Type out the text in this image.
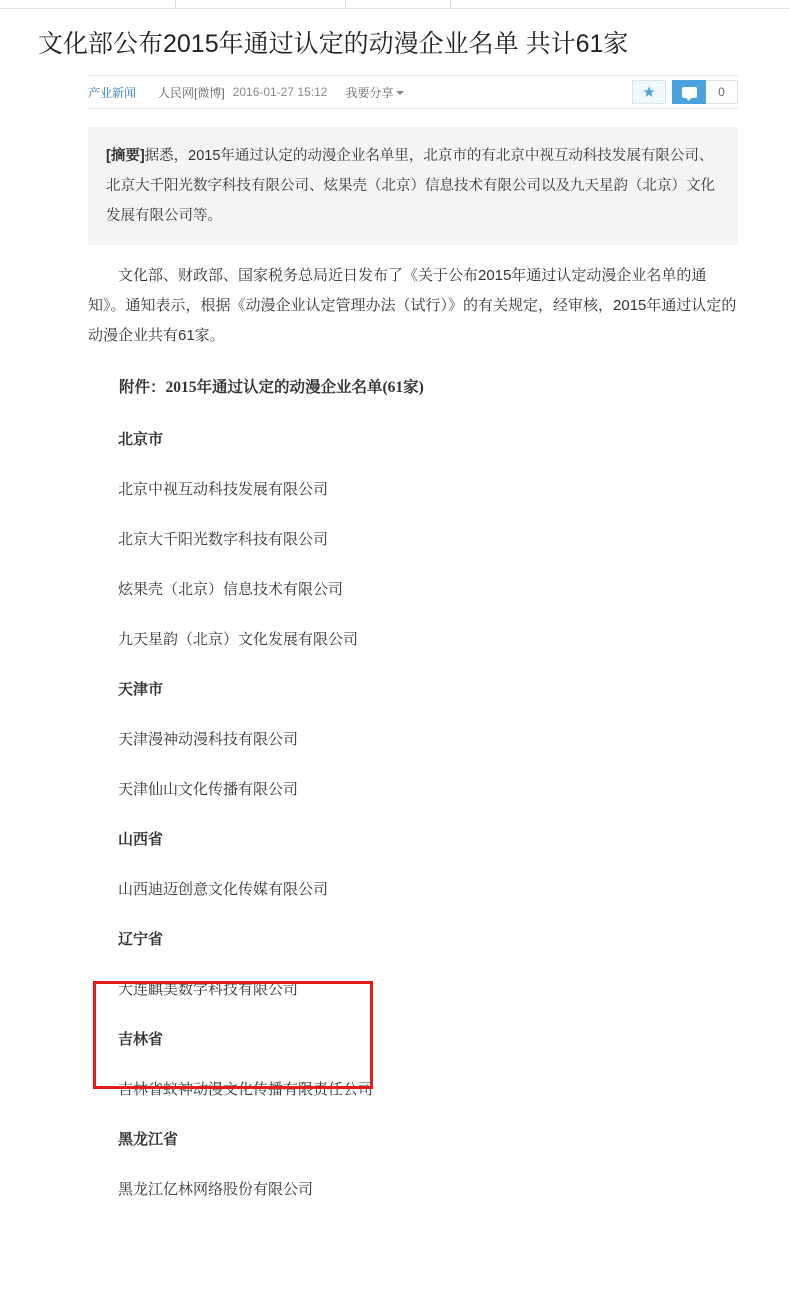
文化部公布2015年通过认定的动漫企业名单 共计61家
产业新闻 人民网[微博] 2016-01-27 15:12 我要分享	★	0
[摘要]据悉，2015年通过认定的动漫企业名单里，北京市的有北京中视互动科技发展有限公司、北京大千阳光数字科技有限公司、炫果壳（北京）信息技术有限公司以及九天星韵（北京）文化发展有限公司等。

文化部、财政部、国家税务总局近日发布了《关于公布2015年通过认定动漫企业名单的通知》。通知表示，根据《动漫企业认定管理办法（试行）》的有关规定，经审核，2015年通过认定的动漫企业共有61家。

附件：2015年通过认定的动漫企业名单(61家)
北京市
北京中视互动科技发展有限公司
北京大千阳光数字科技有限公司
炫果壳（北京）信息技术有限公司
九天星韵（北京）文化发展有限公司
天津市
天津漫神动漫科技有限公司
天津仙山文化传播有限公司
山西省
山西迪迈创意文化传媒有限公司
辽宁省
大连麒美数字科技有限公司
吉林省
吉林省蚁神动漫文化传播有限责任公司
黑龙江省
黑龙江亿林网络股份有限公司
